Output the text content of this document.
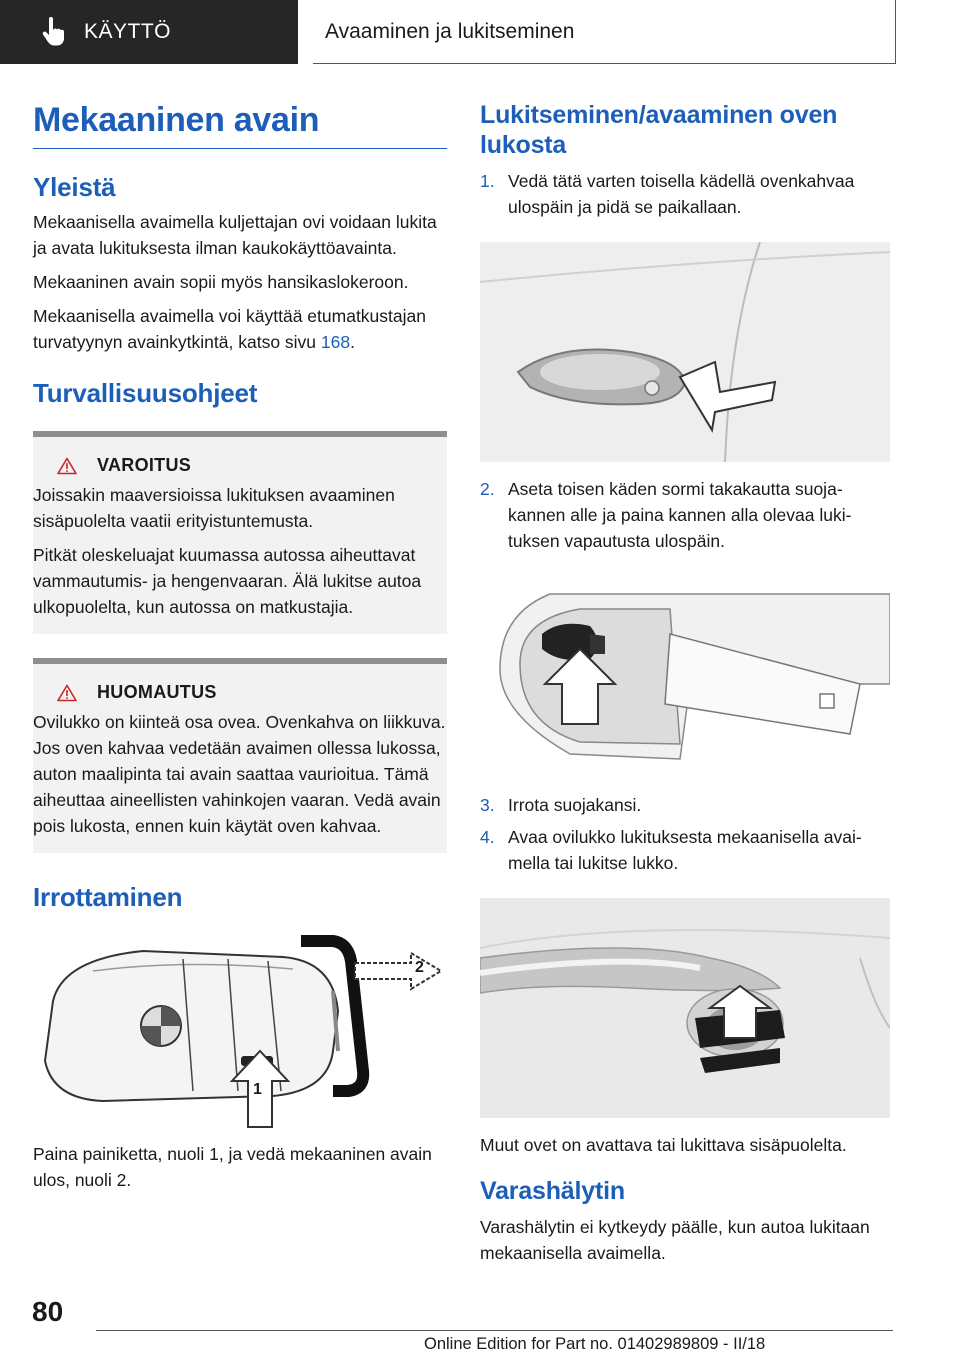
KÄYTTÖ	Avaaminen ja lukitseminen
Mekaaninen avain
Yleistä

Mekaanisella avaimella kuljettajan ovi voidaan lukita ja avata lukituksesta ilman kaukokäyttöavainta.

Mekaaninen avain sopii myös hansikaslokeroon.

Mekaanisella avaimella voi käyttää etumatkustajan turvatyynyn avainkytkintä, katso sivu 168.

Turvallisuusohjeet
VAROITUS

Joissakin maaversioissa lukituksen avaaminen sisäpuolelta vaatii erityistuntemusta.

Pitkät oleskeluajat kuumassa autossa aiheuttavat vammautumis- ja hengenvaaran. Älä lukitse autoa ulkopuolelta, kun autossa on matkustajia.

HUOMAUTUS

Ovilukko on kiinteä osa ovea. Ovenkahva on liikkuva. Jos oven kahvaa vedetään avaimen ollessa lukossa, auton maalipinta tai avain saattaa vaurioitua. Tämä aiheuttaa aineellisten vahinkojen vaaran. Vedä avain pois lukosta, ennen kuin käytät oven kahvaa.

Irrottaminen
2
1

Paina painiketta, nuoli 1, ja vedä mekaaninen avain ulos, nuoli 2.

Lukitseminen/avaaminen oven lukosta
1. Vedä tätä varten toisella kädellä ovenkahvaa ulospäin ja pidä se paikallaan.
2. Aseta toisen käden sormi takakautta suojakannen alle ja paina kannen alla olevaa lukituksen vapautusta ulospäin.
3. Irrota suojakansi.
4. Avaa ovilukko lukituksesta mekaanisella avaimella tai lukitse lukko.

Muut ovet on avattava tai lukittava sisäpuolelta.

Varashälytin

Varashälytin ei kytkeydy päälle, kun autoa lukitaan mekaanisella avaimella.

80
Online Edition for Part no. 01402989809 - II/18
